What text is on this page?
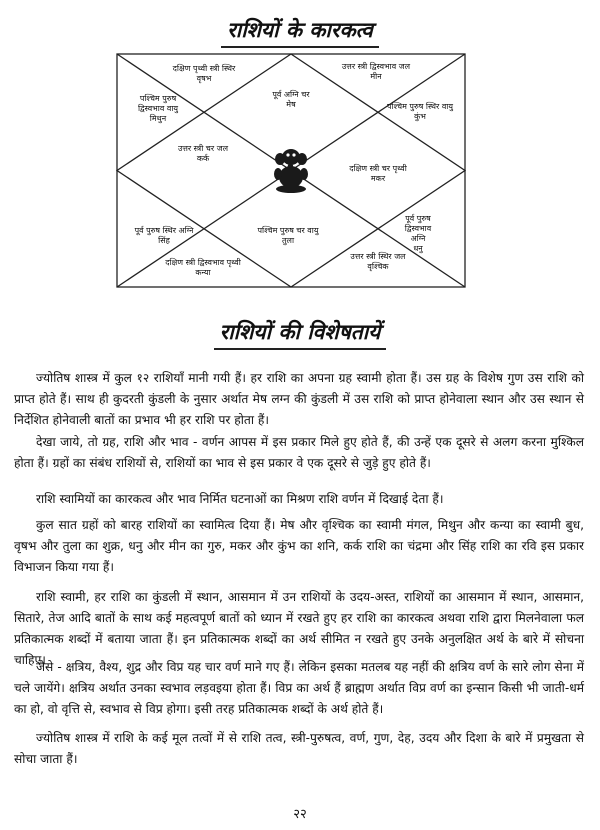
राशियों के कारकत्व
दक्षिण पृथ्वी स्त्री स्थिर वृषभ
उत्तर स्त्री द्विस्वभाव जल मीन
पश्चिम पुरुष द्विस्वभाव वायु मिथुन
पूर्व अग्नि चर मेष	पश्चिम पुरुष स्थिर वायु कुंभ
उत्तर स्त्री चर जल कर्क
दक्षिण स्त्री चर पृथ्वी मकर
पूर्व पुरुष स्थिर अग्नि सिंह
पश्चिम पुरुष चर वायु तुला
पूर्व पुरुष द्विस्वभाव अग्नि धनु
दक्षिण स्त्री द्विस्वभाव पृथ्वी कन्या
उत्तर स्त्री स्थिर जल वृश्चिक
राशियों की विशेषतायें

ज्योतिष शास्त्र में कुल १२ राशियाँ मानी गयी हैं। हर राशि का अपना ग्रह स्वामी होता हैं। उस ग्रह के विशेष गुण उस राशि को प्राप्त होते हैं। साथ ही कुदरती कुंडली के नुसार अर्थात मेष लग्न की कुंडली में उस राशि को प्राप्त होनेवाला स्थान और उस स्थान से निर्देशित होनेवाली बातों का प्रभाव भी हर राशि पर होता हैं।

देखा जाये, तो ग्रह, राशि और भाव - वर्णन आपस में इस प्रकार मिले हुए होते हैं, की उन्हें एक दूसरे से अलग करना मुश्किल होता हैं। ग्रहों का संबंध राशियों से, राशियों का भाव से इस प्रकार वे एक दूसरे से जुड़े हुए होते हैं।

राशि स्वामियों का कारकत्व और भाव निर्मित घटनाओं का मिश्रण राशि वर्णन में दिखाई देता हैं।

कुल सात ग्रहों को बारह राशियों का स्वामित्व दिया हैं। मेष और वृश्चिक का स्वामी मंगल, मिथुन और कन्या का स्वामी बुध, वृषभ और तुला का शुक्र, धनु और मीन का गुरु, मकर और कुंभ का शनि, कर्क राशि का चंद्रमा और सिंह राशि का रवि इस प्रकार विभाजन किया गया हैं।

राशि स्वामी, हर राशि का कुंडली में स्थान, आसमान में उन राशियों के उदय-अस्त, राशियों का आसमान में स्थान, आसमान, सितारे, तेज आदि बातों के साथ कई महत्वपूर्ण बातों को ध्यान में रखते हुए हर राशि का कारकत्व अथवा राशि द्वारा मिलनेवाला फल प्रतिकात्मक शब्दों में बताया जाता हैं। इन प्रतिकात्मक शब्दों का अर्थ सीमित न रखते हुए उनके अनुलक्षित अर्थ के बारे में सोचना चाहिए।

जैसे - क्षत्रिय, वैश्य, शुद्र और विप्र यह चार वर्ण माने गए हैं। लेकिन इसका मतलब यह नहीं की क्षत्रिय वर्ण के सारे लोग सेना में चले जायेंगे। क्षत्रिय अर्थात उनका स्वभाव लड़वइया होता हैं। विप्र का अर्थ हैं ब्राह्मण अर्थात विप्र वर्ण का इन्सान किसी भी जाती-धर्म का हो, वो वृत्ति से, स्वभाव से विप्र होगा। इसी तरह प्रतिकात्मक शब्दों के अर्थ होते हैं।

ज्योतिष शास्त्र में राशि के कई मूल तत्वों में से राशि तत्व, स्त्री-पुरुषत्व, वर्ण, गुण, देह, उदय और दिशा के बारे में प्रमुखता से सोचा जाता हैं।

२२
